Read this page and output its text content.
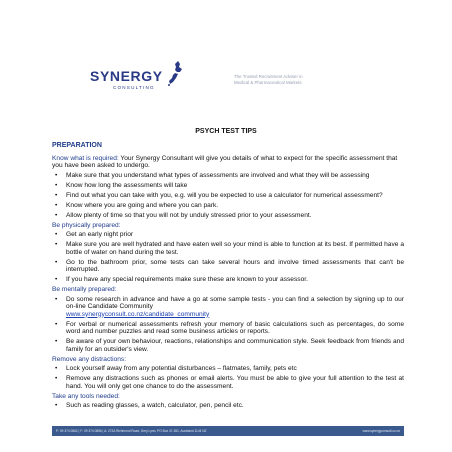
SYNERGY
CONSULTING
The Trusted Recruitment Adviser in
Medical & Pharmaceutical Markets
PSYCH TEST TIPS
PREPARATION
Know what is required: Your Synergy Consultant will give you details of what to expect for the specific assessment that you have been asked to undergo.
• Make sure that you understand what types of assessments are involved and what they will be assessing
• Know how long the assessments will take
• Find out what you can take with you, e.g. will you be expected to use a calculator for numerical assessment?
• Know where you are going and where you can park.
• Allow plenty of time so that you will not by unduly stressed prior to your assessment.
Be physically prepared:
• Get an early night prior
• Make sure you are well hydrated and have eaten well so your mind is able to function at its best. If permitted have a bottle of water on hand during the test.
• Go to the bathroom prior, some tests can take several hours and involve timed assessments that can't be interrupted.
• If you have any special requirements make sure these are known to your assessor.
Be mentally prepared:
• Do some research in advance and have a go at some sample tests - you can find a selection by signing up to our on-line Candidate Community
www.synergyconsult.co.nz/candidate_community
• For verbal or numerical assessments refresh your memory of basic calculations such as percentages, do some word and number puzzles and read some business articles or reports.
• Be aware of your own behaviour, reactions, relationships and communication style. Seek feedback from friends and family for an outsider's view.
Remove any distractions:
• Lock yourself away from any potential disturbances – flatmates, family, pets etc
• Remove any distractions such as phones or email alerts. You must be able to give your full attention to the test at hand. You will only get one chance to do the assessment.
Take any tools needed:
• Such as reading glasses, a watch, calculator, pen, pencil etc.
P: 09 374 0862 | F: 09 374 0856 | A: 272A Richmond Road, Grey Lynn, PO Box 47-351, Auckland 1144 NZ	www.synergyconsult.co.nz
